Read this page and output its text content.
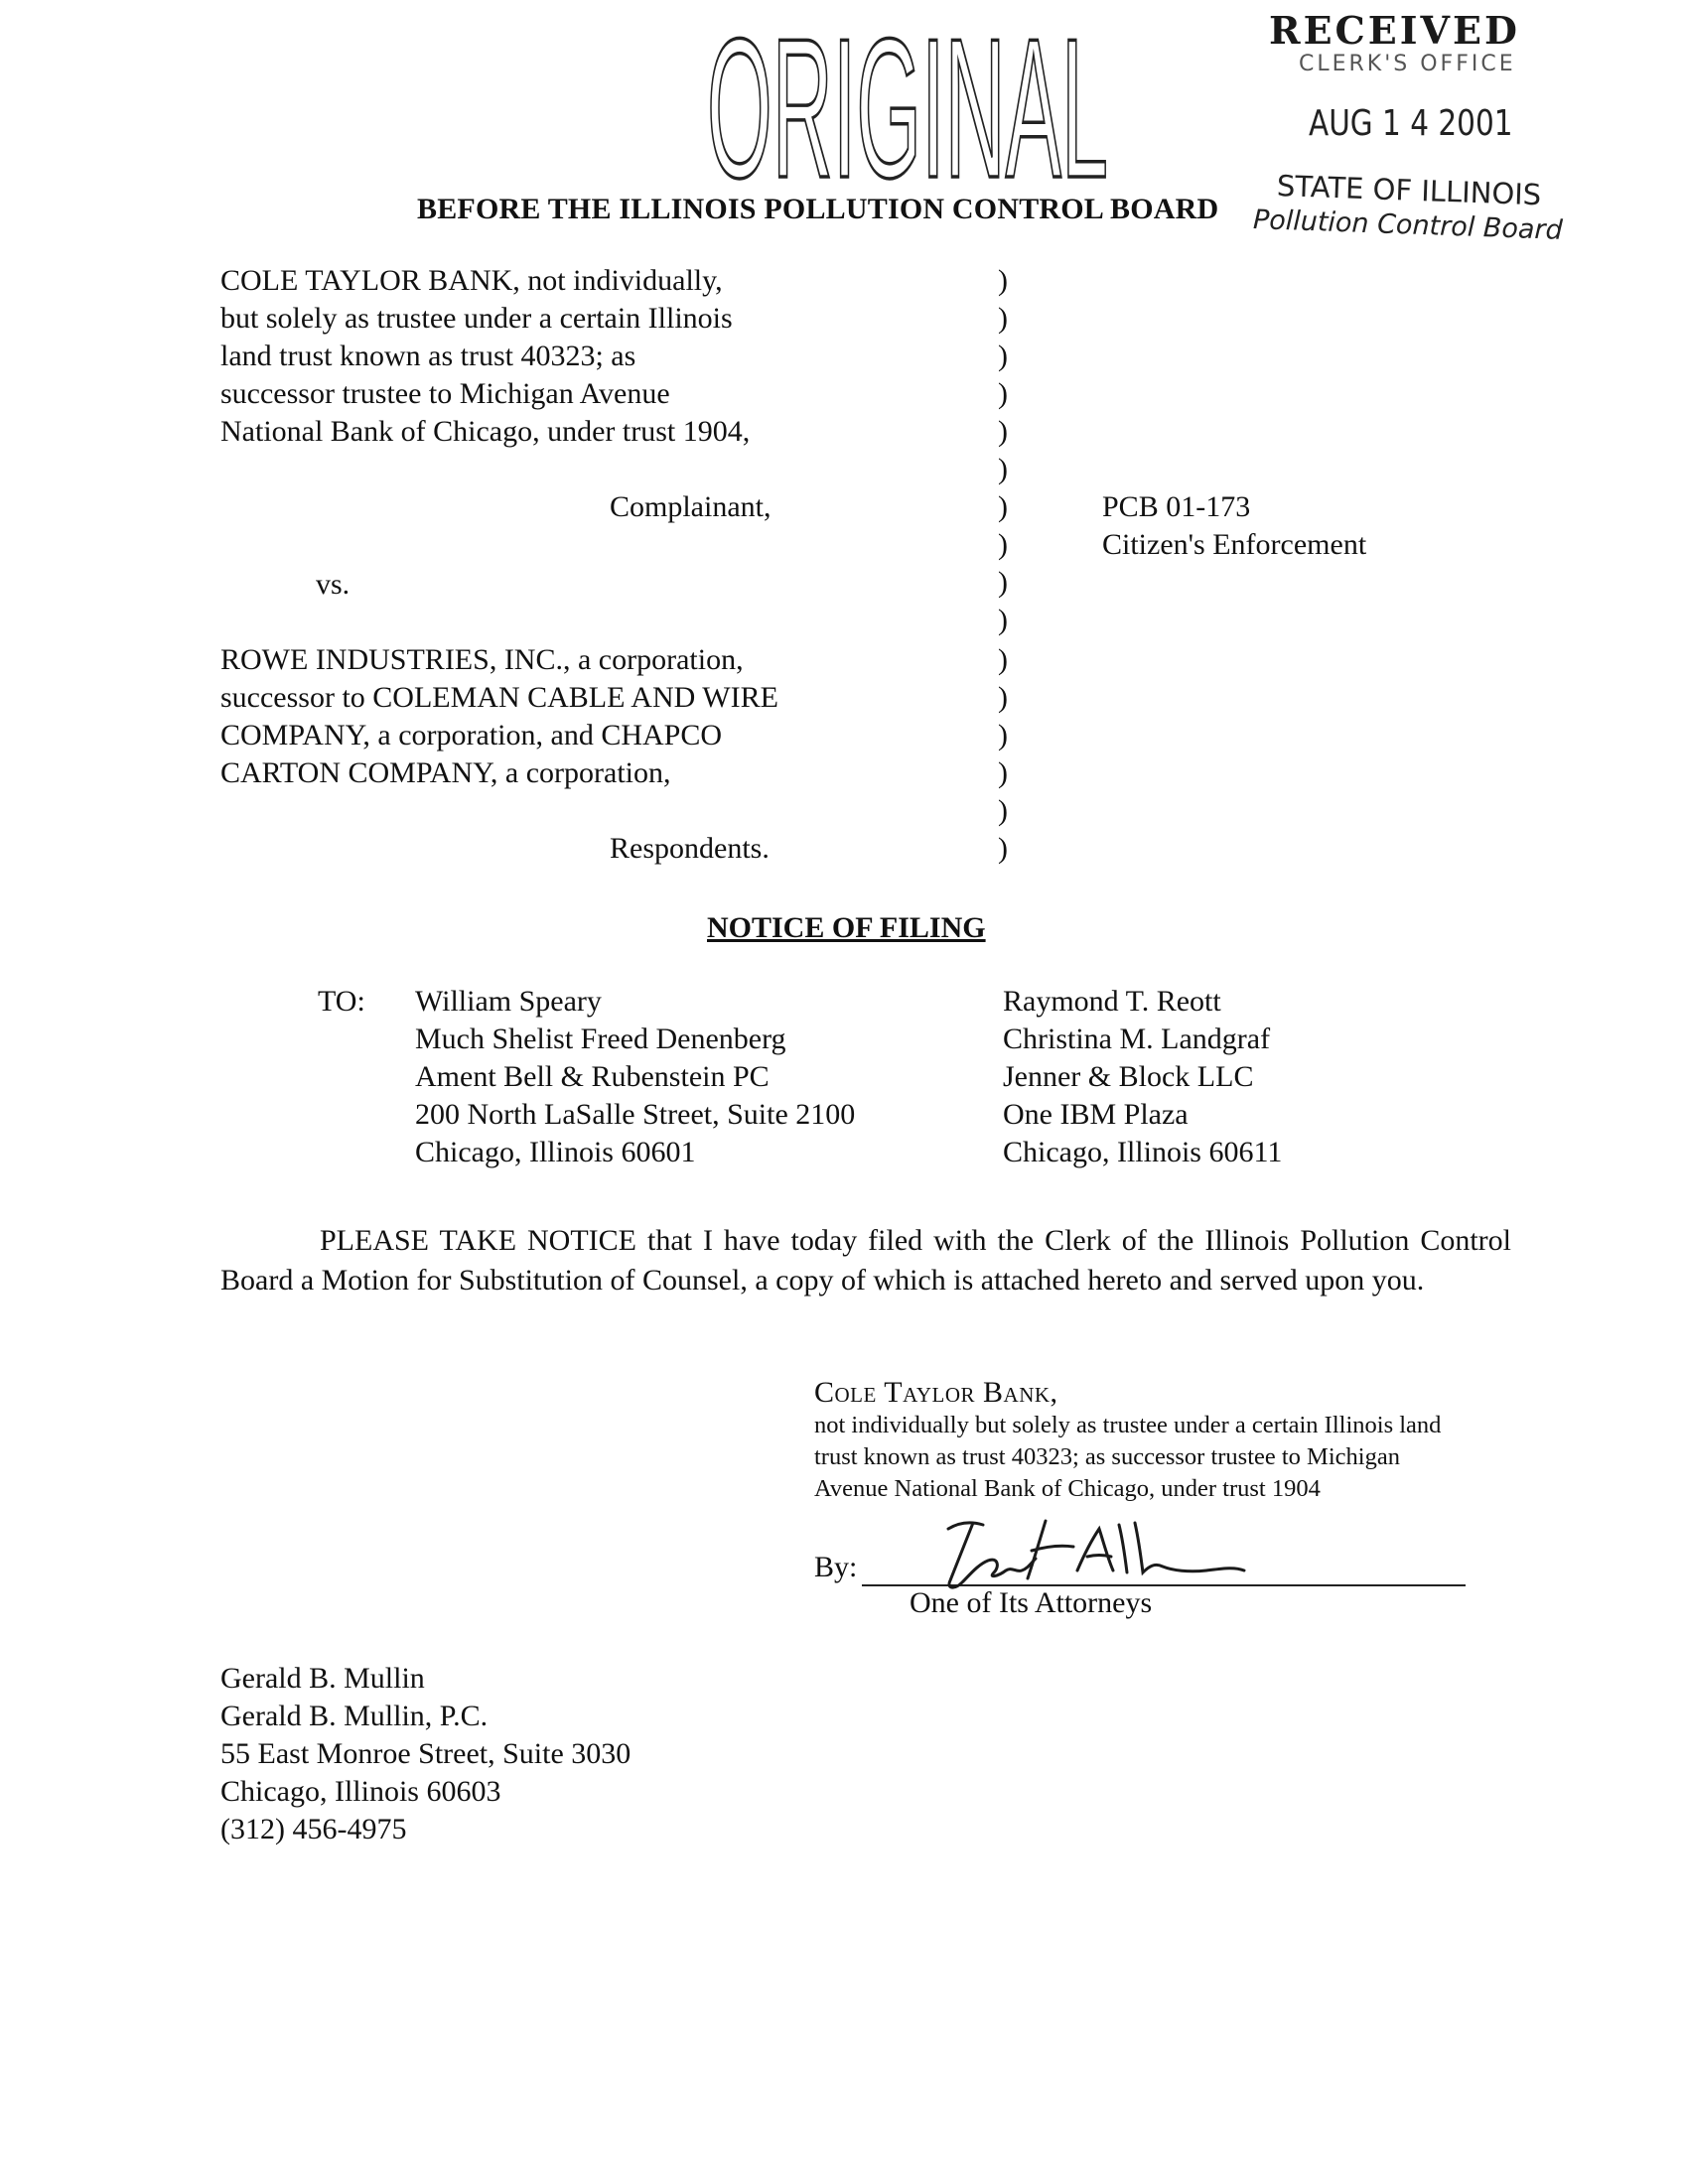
ORIGINAL	RECEIVED
CLERK'S OFFICE
AUG 1 4 2001
STATE OF ILLINOIS
Pollution Control Board
BEFORE THE ILLINOIS POLLUTION CONTROL BOARD
COLE TAYLOR BANK, not individually,
but solely as trustee under a certain Illinois
land trust known as trust 40323; as
successor trustee to Michigan Avenue
National Bank of Chicago, under trust 1904,
Complainant,
vs.
ROWE INDUSTRIES, INC., a corporation,
successor to COLEMAN CABLE AND WIRE
COMPANY, a corporation, and CHAPCO
CARTON COMPANY, a corporation,
Respondents.
)
)
)
)
)
)
)
)
)
)
)
)
)
)
)
)
PCB 01-173
Citizen's Enforcement
NOTICE OF FILING
TO: William Speary
Much Shelist Freed Denenberg
Ament Bell & Rubenstein PC
200 North LaSalle Street, Suite 2100
Chicago, Illinois 60601
Raymond T. Reott
Christina M. Landgraf
Jenner & Block LLC
One IBM Plaza
Chicago, Illinois 60611
PLEASE TAKE NOTICE that I have today filed with the Clerk of the Illinois Pollution Control Board a Motion for Substitution of Counsel, a copy of which is attached hereto and served upon you.
Cole Taylor Bank,
not individually but solely as trustee under a certain Illinois land
trust known as trust 40323; as successor trustee to Michigan
Avenue National Bank of Chicago, under trust 1904
By:
One of Its Attorneys
Gerald B. Mullin
Gerald B. Mullin, P.C.
55 East Monroe Street, Suite 3030
Chicago, Illinois 60603
(312) 456-4975
